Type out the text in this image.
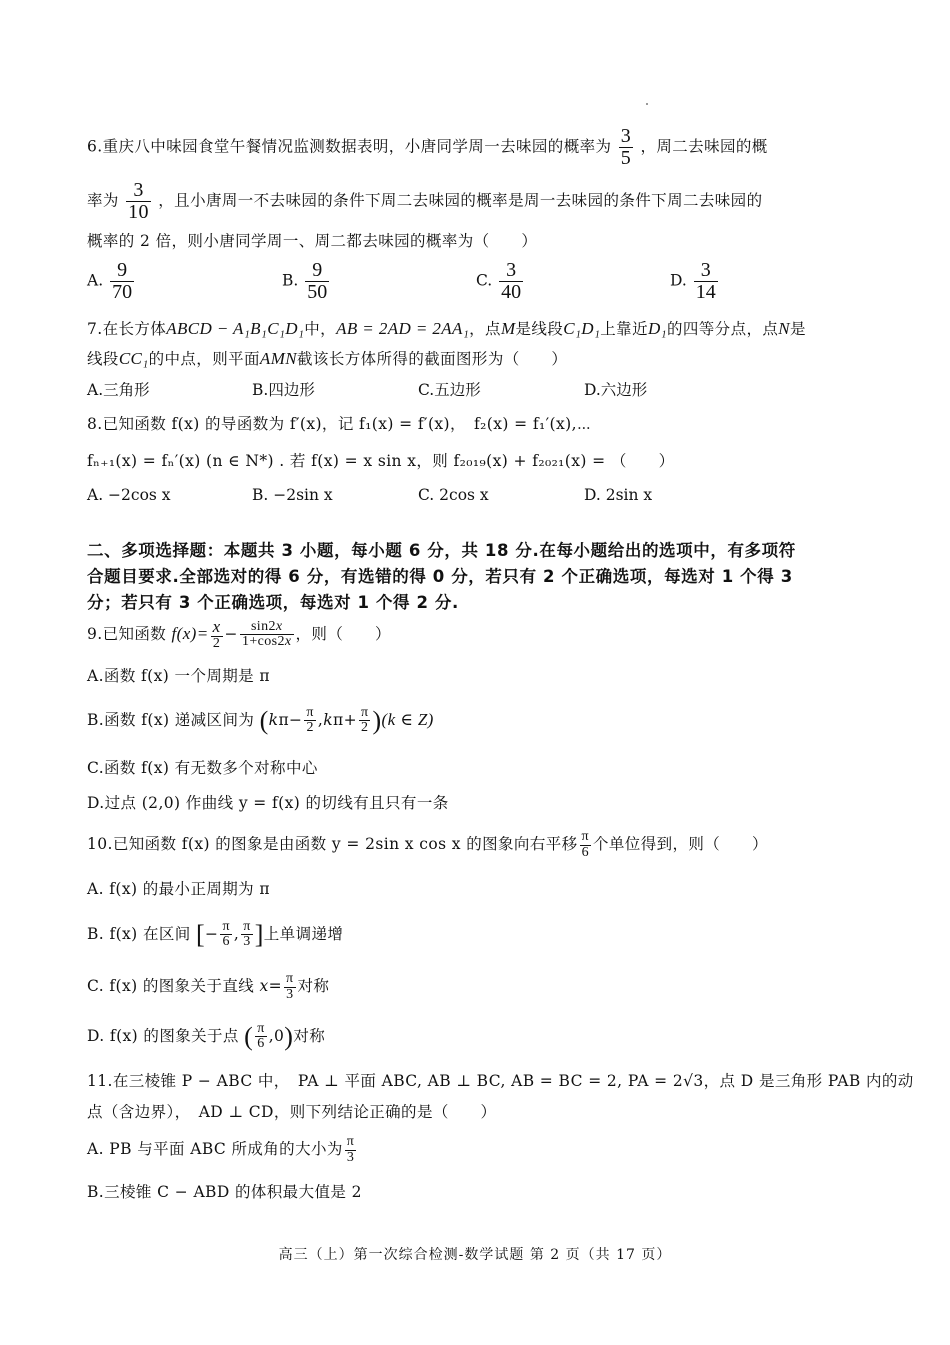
6.重庆八中味园食堂午餐情况监测数据表明，小唐同学周一去味园的概率为 $\frac{3}{5}$ ，周二去味园的概
率为 $\frac{3}{10}$ ，且小唐周一不去味园的条件下周二去味园的概率是周一去味园的条件下周二去味园的
概率的 2 倍，则小唐同学周一、周二都去味园的概率为（　　）
A. $\frac{9}{70}$	B. $\frac{9}{50}$	C. $\frac{3}{40}$	D. $\frac{3}{14}$
7.在长方体ABCD − A₁B₁C₁D₁中，AB = 2AD = 2AA₁，点M是线段C₁D₁上靠近D₁的四等分点，点N是
线段CC₁的中点，则平面AMN截该长方体所得的截面图形为（　　）
A.三角形	B.四边形	C.五边形	D.六边形
8.已知函数 f(x) 的导函数为 f′(x)，记 f₁(x) = f′(x)，　f₂(x) = f₁′(x),⋯
fₙ₊₁(x) = fₙ′(x) (n ∈ N*) . 若 f(x) = x sin x，则 f₂₀₁₉(x) + f₂₀₂₁(x) = （　　）
A. −2cos x	B. −2sin x	C. 2cos x	D. 2sin x
二、多项选择题：本题共 3 小题，每小题 6 分，共 18 分.在每小题给出的选项中，有多项符
合题目要求.全部选对的得 6 分，有选错的得 0 分，若只有 2 个正确选项，每选对 1 个得 3
分；若只有 3 个正确选项，每选对 1 个得 2 分.
9.已知函数 $f(x)= \frac{x}{2} - \frac{\sin 2x}{1+\cos 2x}$ ，则（　　）
A.函数 f(x) 一个周期是 π
B.函数 f(x) 递减区间为 $(k\pi- \frac{\pi}{2} ,k\pi+ \frac{\pi}{2} )(k$ ∈ Z)
C.函数 f(x) 有无数多个对称中心
D.过点 (2,0) 作曲线 y = f(x) 的切线有且只有一条
10.已知函数 f(x) 的图象是由函数 y = 2sin x cos x 的图象向右平移 $\frac{\pi}{6}$ 个单位得到，则（　　）
A. f(x) 的最小正周期为 π
B. f(x) 在区间 [− $\frac{\pi}{6}$ , $\frac{\pi}{3}$ ]上单调递增
C. f(x) 的图象关于直线 $x= \frac{\pi}{3}$ 对称
D. f(x) 的图象关于点 ( $\frac{\pi}{6} ,0$)对称
11.在三棱锥 P − ABC 中，　PA ⊥ 平面 ABC, AB ⊥ BC, AB = BC = 2, PA = 2√3，点 D 是三角形 PAB 内的动
点（含边界），　AD ⊥ CD，则下列结论正确的是（　　）
A. PB 与平面 ABC 所成角的大小为 $\frac{\pi}{3}$
B.三棱锥 C − ABD 的体积最大值是 2
高三（上）第一次综合检测-数学试题 第 2 页（共 17 页）
